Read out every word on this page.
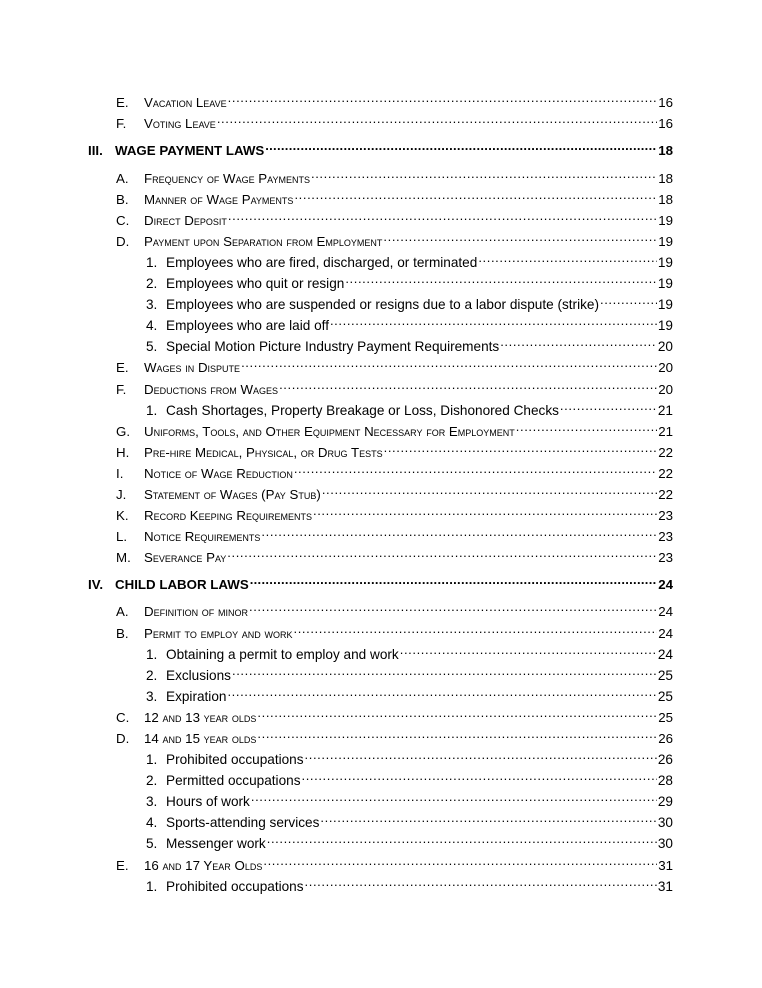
E.	Vacation Leave .....	16
F.	Voting Leave .....	16
III. WAGE PAYMENT LAWS .....	18
A.	Frequency of Wage Payments .....	18
B.	Manner of Wage Payments .....	18
C.	Direct Deposit .....	19
D.	Payment upon Separation from Employment .....	19
1. Employees who are fired, discharged, or terminated .....	19
2. Employees who quit or resign .....	19
3. Employees who are suspended or resigns due to a labor dispute (strike) .....	19
4. Employees who are laid off .....	19
5. Special Motion Picture Industry Payment Requirements .....	20
E.	Wages in Dispute .....	20
F.	Deductions from Wages .....	20
1. Cash Shortages, Property Breakage or Loss, Dishonored Checks .....	21
G.	Uniforms, Tools, and Other Equipment Necessary for Employment .....	21
H.	Pre-hire Medical, Physical, or Drug Tests .....	22
I.	Notice of Wage Reduction .....	22
J.	Statement of Wages (Pay Stub) .....	22
K.	Record Keeping Requirements .....	23
L.	Notice Requirements .....	23
M. Severance Pay .....	23
IV. CHILD LABOR LAWS .....	24
A.	Definition of minor .....	24
B.	Permit to employ and work .....	24
1. Obtaining a permit to employ and work .....	24
2. Exclusions .....	25
3. Expiration .....	25
C.	12 and 13 year olds .....	25
D.	14 and 15 year olds .....	26
1. Prohibited occupations .....	26
2. Permitted occupations .....	28
3. Hours of work .....	29
4. Sports-attending services .....	30
5. Messenger work .....	30
E.	16 and 17 Year Olds .....	31
1. Prohibited occupations .....	31
